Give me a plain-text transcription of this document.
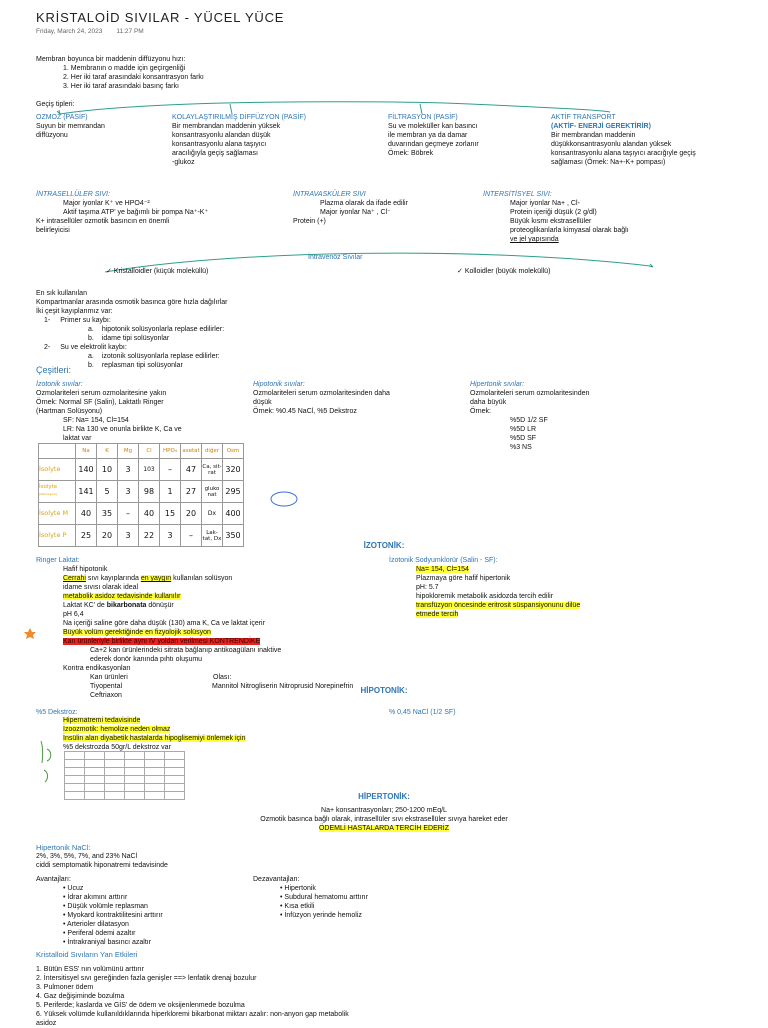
KRİSTALOİD SIVILAR - YÜCEL YÜCE
Friday, March 24, 2023 11:27 PM
Membran boyunca bir maddenin diffüzyonu hızı:
1. Membranın o madde için geçirgenliği
2. Her iki taraf arasındaki konsantrasyon farkı
3. Her iki taraf arasındaki basınç farkı
Geçiş tipleri:
OZMOZ (PASİF)
Suyun bir memrandan
diffüzyonu
KOLAYLAŞTIRILMIŞ DİFFÜZYON (PASİF)
Bir membrandan maddenin yüksek
konsantrasyonlu alandan düşük
konsantrasyonlu alana taşıyıcı
aracılığıyla geçiş sağlaması
-glukoz
FİLTRASYON (PASİF)
Su ve moleküller kan basıncı
ile membran ya da damar
duvarından geçmeye zorlanır
Örnek: Böbrek
AKTİF TRANSPORT
(AKTİF- ENERJİ GEREKTİRİR)
Bir membrandan maddenin
düşükkonsantrasyonlu alandan yüksek
konsantrasyonlu alana taşıyıcı aracığıyle geçiş
sağlaması (Örnek: Na+-K+ pompası)
İNTRASELLÜLER SIVI:
Major iyonlar K⁺ ve HPO4⁻²
Aktif taşıma ATP' ye bağımlı bir pompa Na⁺-K⁺
K+ intrasellüler ozmotik basıncın en önemli
belirleyicisi
İNTRAVASKÜLER SIVI
Plazma olarak da ifade edilir
Major iyonlar Na⁺ , Cl⁻
Protein (+)
İNTERSİTİSYEL SIVI:
Major iyonlar Na+ , Cl-
Protein içeriği düşük (2 g/dl)
Büyük kısmı ekstrasellüler
proteoglikanlarla kimyasal olarak bağlı
ve jel yapısında
İntravenöz Sıvılar
✓ Kristalloidler (küçük moleküllü)	✓ Kolloidler (büyük moleküllü)
En sık kullanılan
Kompartmanlar arasında osmotik basınca göre hızla dağılırlar
İki çeşit kayıplarımız var:
1- Primer su kaybı:
a. hipotonik solüsyonlarla replase edilirler:
b. idame tipi solüsyonlar
2- Su ve elektrolit kaybı:
a. izotonik solüsyonlarla replase edilirler:
b. replasman tipi solüsyonlar
Çeşitleri:
İzotonik sıvılar:
Ozmolariteleri serum ozmolaritesine yakın
Örnek: Normal SF (Salin), Laktatlı Ringer
(Hartman Solüsyonu)
SF: Na= 154, Cl=154
LR: Na 130 ve onunla birlikte K, Ca ve
laktat var
Hipotonik sıvılar:
Ozmolariteleri serum ozmolaritesinden daha
düşük
Örnek: %0.45 NaCl, %5 Dekstroz
Hipertonik sıvılar:
Ozmolariteleri serum ozmolaritesinden
daha büyük
Örnek:
%5D 1/2 SF
%5D LR
%5D SF
%3 NS
	Na	K	Mg	Cl	HPO₄	asetat	diğer	Osm
İsolyte	140	10	3	103	–	47	Ca, sit-rat	320
İsolyte ⁽ᴳᵉⁿᵉᵖʳᵉ⁾	141	5	3	98	1	27	gluko nat	295
İsolyte M	40	35	–	40	15	20	Dx	400
İsolyte P	25	20	3	22	3	–	Lak-tat, Dx	350
İZOTONİK:
Ringer Laktat:
Hafif hipotonik
Cerrahi sıvı kayıplarında en yaygın kullanılan solüsyon
idame sıvısı olarak ideal
metabolik asidoz tedavisinde kullanılır
Laktat KC' de bikarbonata dönüşür
pH 6,4
Na içeriği saline göre daha düşük (130) ama K, Ca ve laktat içerir
Büyük volüm gerektiğinde en fizyolojik solüsyon
Kan ürünleriyle birlikte aynı IV yoldan verilmesi KONTRENDİKE
Ca+2 kan ürünlerindeki sitrata bağlanıp antikoagülanı inaktive
ederek donör kanında pıhtı oluşumu
Kontra endikasyonları
Kan ürünleri	Olası:
Tiyopental	Mannitol Nitrogliserin Nitroprusid Norepinefrin
Ceftriaxon
İzotonik Sodyumklorür (Salin - SF):
Na= 154, Cl=154
Plazmaya göre hafif hipertonik
pH: 5.7
hipokloremik metabolik asidozda tercih edilir
transfüzyon öncesinde eritrosit süspansiyonunu dilüe
etmede tercih
HİPOTONİK:
%5 Dekstroz:	% 0,45 NaCl (1/2 SF)
Hipernatremi tedavisinde
İzoozmotik: hemolize neden olmaz
İnsülin alan diyabetik hastalarda hipoglisemiyi önlemek için
%5 dekstrozda 50gr/L dekstroz var

HİPERTONİK:
Na+ konsantrasyonları; 250-1200 mEq/L
Ozmotik basınca bağlı olarak, intrasellüler sıvı ekstrasellüler sıvıya hareket eder
ÖDEMLİ HASTALARDA TERCİH EDERİZ
Hipertonik NaCl:
2%, 3%, 5%, 7%, and 23% NaCl
ciddi semptomatik hiponatremi tedavisinde
Avantajları:
• Ucuz
• İdrar akımını arttırır
• Düşük volümle replasman
• Myokard kontraktilitesini arttırır
• Arterioler dilatasyon
• Periferal ödemi azaltır
• İntrakraniyal basıncı azaltır
Dezavantajları:
• Hipertonik
• Subdural hematomu arttırır
• Kısa etkili
• İnfüzyon yerinde hemoliz
Kristalloid Sıvıların Yan Etkileri
1. Bütün ESS' nın volümünü arttırır
2. İntersitisyel sıvı gereğinden fazla genişler ==> lenfatik drenaj bozulur
3. Pulmoner ödem
4. Gaz değişiminde bozulma
5. Periferde; kaslarda ve GİS' de ödem ve oksijenlenmede bozulma
6. Yüksek volümde kullanıldıklarında hiperkloremi bikarbonat miktarı azalır: non-anyon gap metabolik
asidoz
